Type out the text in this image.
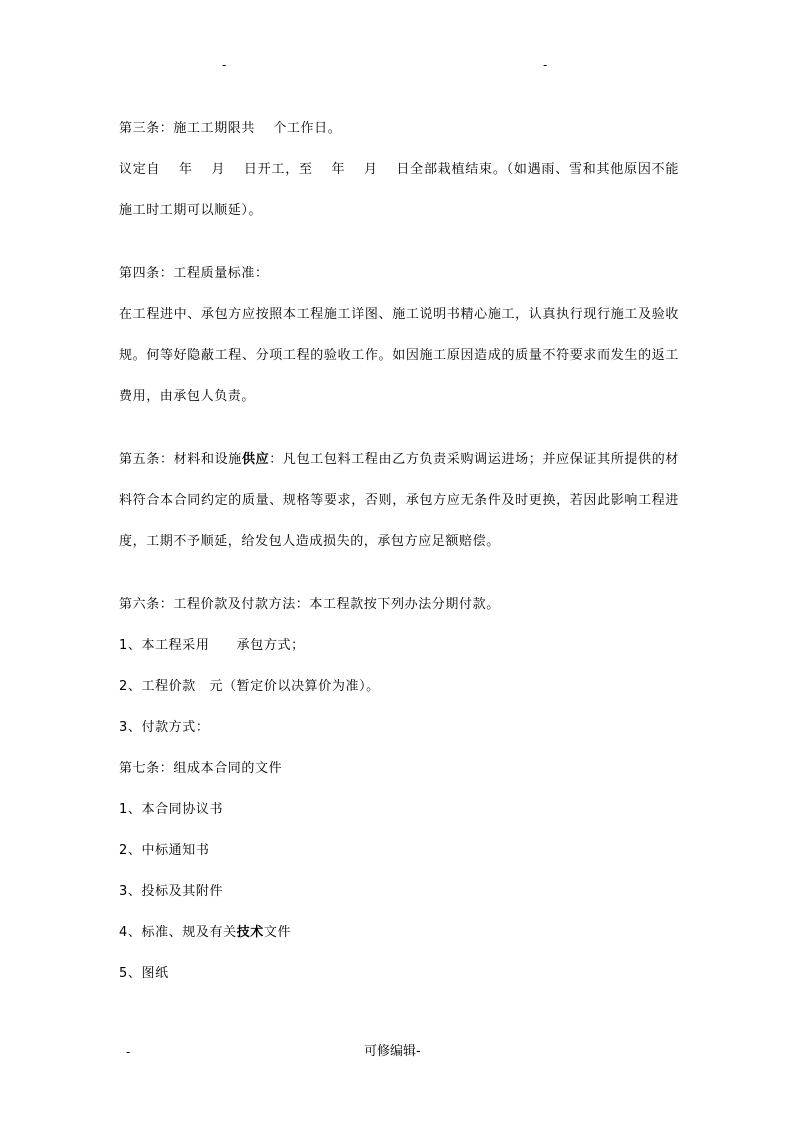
-	-

第三条：施工工期限共　 个工作日。

议定自　 年　 月　 日开工，至　 年　 月　 日全部栽植结束。（如遇雨、雪和其他原因不能施工时工期可以顺延）。

第四条：工程质量标准：

在工程进中、承包方应按照本工程施工详图、施工说明书精心施工，认真执行现行施工及验收规。何等好隐蔽工程、分项工程的验收工作。如因施工原因造成的质量不符要求而发生的返工费用，由承包人负责。

第五条：材料和设施供应：凡包工包料工程由乙方负责采购调运进场；并应保证其所提供的材料符合本合同约定的质量、规格等要求，否则，承包方应无条件及时更换，若因此影响工程进度，工期不予顺延，给发包人造成损失的，承包方应足额赔偿。

第六条：工程价款及付款方法：本工程款按下列办法分期付款。

1、本工程采用　　承包方式；

2、工程价款　元（暂定价以决算价为准）。

3、付款方式：

第七条：组成本合同的文件

1、本合同协议书

2、中标通知书

3、投标及其附件

4、标准、规及有关技术文件

5、图纸

-	可修编辑-
